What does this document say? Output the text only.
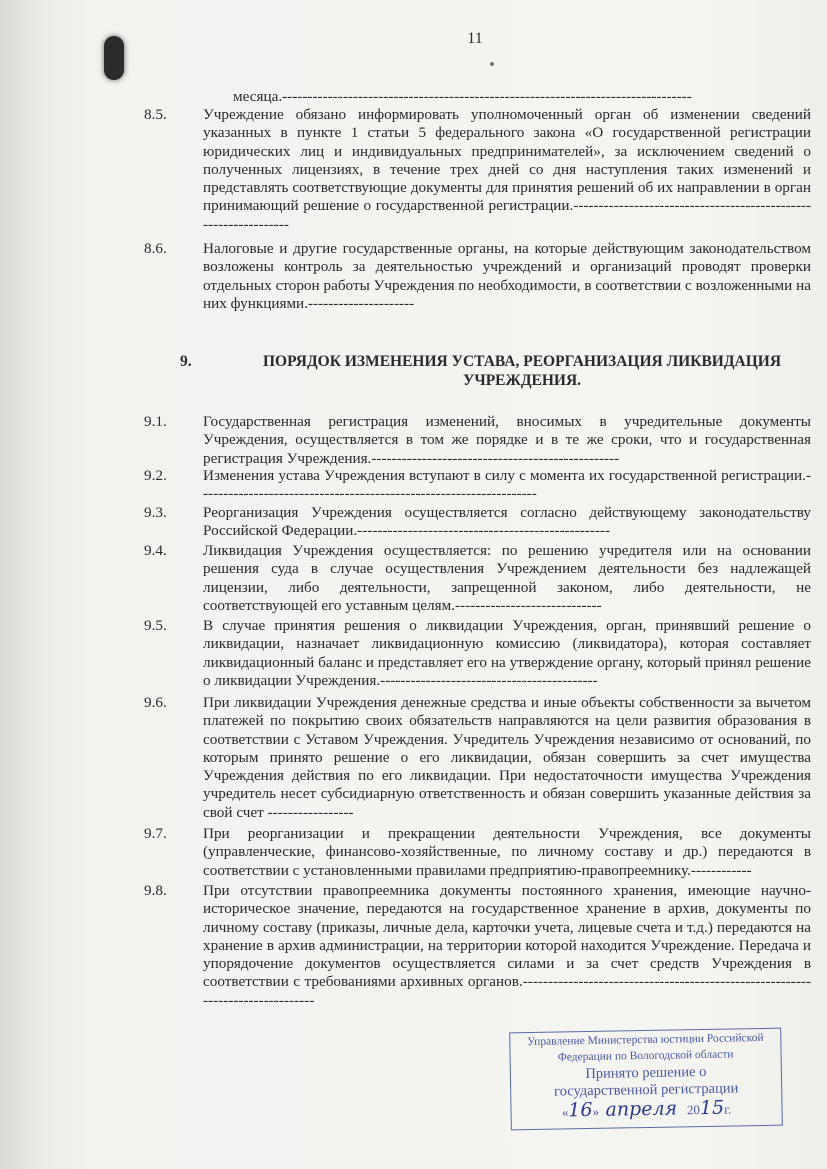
11
месяца.---------------------------------------------------------------------------------
8.5. Учреждение обязано информировать уполномоченный орган об изменении сведений указанных в пункте 1 статьи 5 федерального закона «О государственной регистрации юридических лиц и индивидуальных предпринимателей», за исключением сведений о полученных лицензиях, в течение трех дней со дня наступления таких изменений и представлять соответствующие документы для принятия решений об их направлении в орган принимающий решение о государственной регистрации.----------------------------------------------------------------
8.6. Налоговые и другие государственные органы, на которые действующим законодательством возложены контроль за деятельностью учреждений и организаций проводят проверки отдельных сторон работы Учреждения по необходимости, в соответствии с возложенными на них функциями.---------------------
9.	ПОРЯДОК ИЗМЕНЕНИЯ УСТАВА, РЕОРГАНИЗАЦИЯ ЛИКВИДАЦИЯ УЧРЕЖДЕНИЯ.
9.1. Государственная регистрация изменений, вносимых в учредительные документы Учреждения, осуществляется в том же порядке и в те же сроки, что и государственная регистрация Учреждения.-------------------------------------------------
9.2. Изменения устава Учреждения вступают в силу с момента их государственной регистрации.-------------------------------------------------------------------
9.3. Реорганизация Учреждения осуществляется согласно действующему законодательству Российской Федерации.--------------------------------------------------
9.4. Ликвидация Учреждения осуществляется: по решению учредителя или на основании решения суда в случае осуществления Учреждением деятельности без надлежащей лицензии, либо деятельности, запрещенной законом, либо деятельности, не соответствующей его уставным целям.-----------------------------
9.5. В случае принятия решения о ликвидации Учреждения, орган, принявший решение о ликвидации, назначает ликвидационную комиссию (ликвидатора), которая составляет ликвидационный баланс и представляет его на утверждение органу, который принял решение о ликвидации Учреждения.-------------------------------------------
9.6. При ликвидации Учреждения денежные средства и иные объекты собственности за вычетом платежей по покрытию своих обязательств направляются на цели развития образования в соответствии с Уставом Учреждения. Учредитель Учреждения независимо от оснований, по которым принято решение о его ликвидации, обязан совершить за счет имущества Учреждения действия по его ликвидации. При недостаточности имущества Учреждения учредитель несет субсидиарную ответственность и обязан совершить указанные действия за свой счет -----------------
9.7. При реорганизации и прекращении деятельности Учреждения, все документы (управленческие, финансово-хозяйственные, по личному составу и др.) передаются в соответствии с установленными правилами предприятию-правопреемнику.------------
9.8. При отсутствии правопреемника документы постоянного хранения, имеющие научно-историческое значение, передаются на государственное хранение в архив, документы по личному составу (приказы, личные дела, карточки учета, лицевые счета и т.д.) передаются на хранение в архив администрации, на территории которой находится Учреждение. Передача и упорядочение документов осуществляется силами и за счет средств Учреждения в соответствии с требованиями архивных органов.-------------------------------------------------------------------------------
Управление Министерства юстиции Российской
Федерации по Вологодской области
Принято решение о
государственной регистрации
«16» апреля 2015г.
